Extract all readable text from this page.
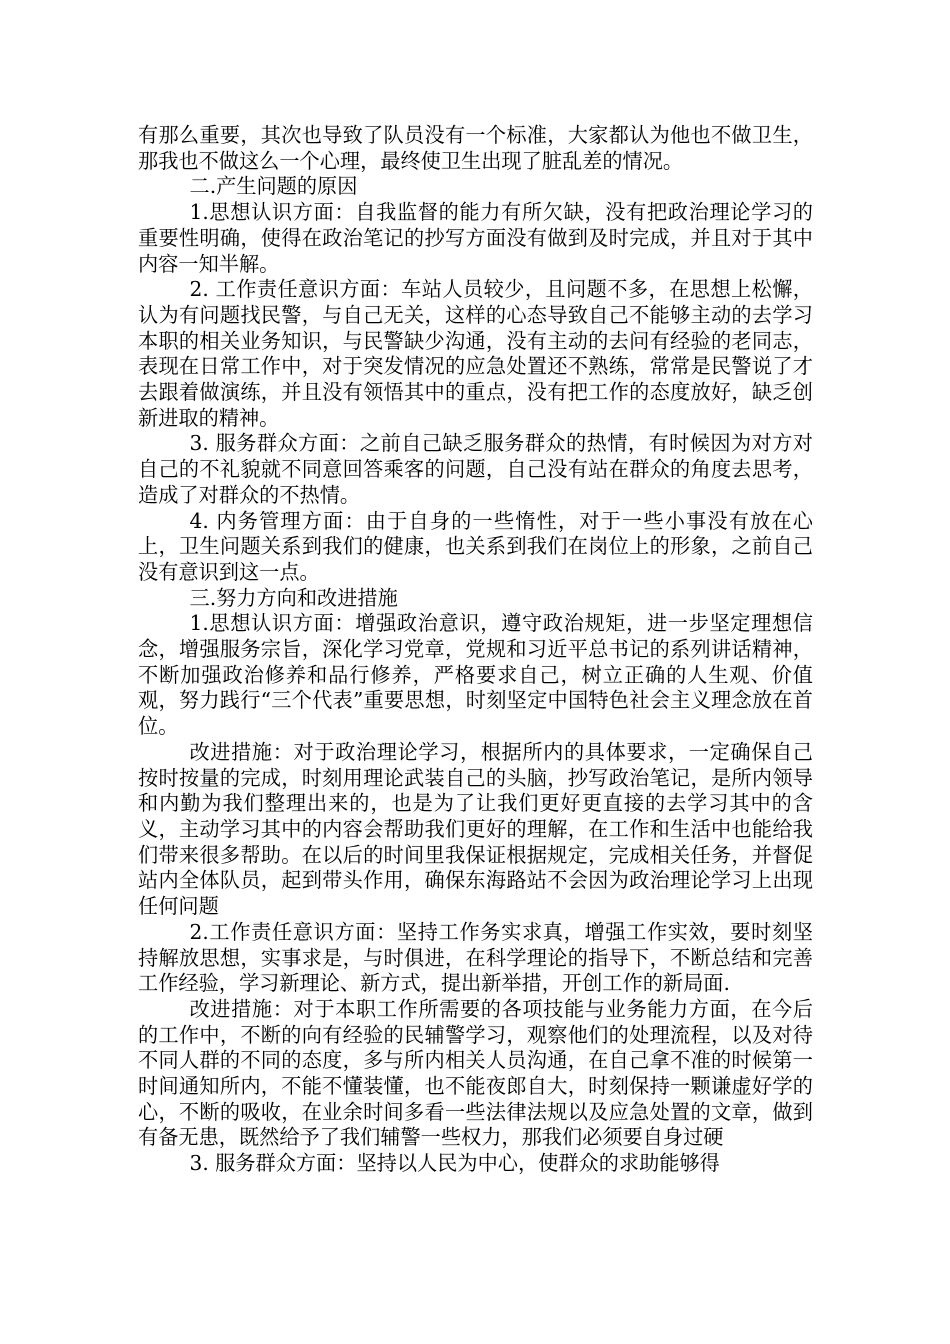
有那么重要，其次也导致了队员没有一个标准，大家都认为他也不做卫生，那我也不做这么一个心理，最终使卫生出现了脏乱差的情况。

二.产生问题的原因

1.思想认识方面：自我监督的能力有所欠缺，没有把政治理论学习的重要性明确，使得在政治笔记的抄写方面没有做到及时完成，并且对于其中内容一知半解。

2. 工作责任意识方面：车站人员较少，且问题不多，在思想上松懈，认为有问题找民警，与自己无关，这样的心态导致自己不能够主动的去学习本职的相关业务知识，与民警缺少沟通，没有主动的去问有经验的老同志，表现在日常工作中，对于突发情况的应急处置还不熟练，常常是民警说了才去跟着做演练，并且没有领悟其中的重点，没有把工作的态度放好，缺乏创新进取的精神。

3. 服务群众方面：之前自己缺乏服务群众的热情，有时候因为对方对自己的不礼貌就不同意回答乘客的问题，自己没有站在群众的角度去思考，造成了对群众的不热情。

4. 内务管理方面：由于自身的一些惰性，对于一些小事没有放在心上，卫生问题关系到我们的健康，也关系到我们在岗位上的形象，之前自己没有意识到这一点。

三.努力方向和改进措施

1.思想认识方面：增强政治意识，遵守政治规矩，进一步坚定理想信念，增强服务宗旨，深化学习党章，党规和习近平总书记的系列讲话精神，不断加强政治修养和品行修养，严格要求自己，树立正确的人生观、价值观，努力践行“三个代表”重要思想，时刻坚定中国特色社会主义理念放在首位。

改进措施：对于政治理论学习，根据所内的具体要求，一定确保自己按时按量的完成，时刻用理论武装自己的头脑，抄写政治笔记，是所内领导和内勤为我们整理出来的，也是为了让我们更好更直接的去学习其中的含义，主动学习其中的内容会帮助我们更好的理解，在工作和生活中也能给我们带来很多帮助。在以后的时间里我保证根据规定，完成相关任务，并督促站内全体队员，起到带头作用，确保东海路站不会因为政治理论学习上出现任何问题

2.工作责任意识方面：坚持工作务实求真，增强工作实效，要时刻坚持解放思想，实事求是，与时俱进，在科学理论的指导下，不断总结和完善工作经验，学习新理论、新方式，提出新举措，开创工作的新局面.

改进措施：对于本职工作所需要的各项技能与业务能力方面，在今后的工作中，不断的向有经验的民辅警学习，观察他们的处理流程，以及对待不同人群的不同的态度，多与所内相关人员沟通，在自己拿不准的时候第一时间通知所内，不能不懂装懂，也不能夜郎自大，时刻保持一颗谦虚好学的心，不断的吸收，在业余时间多看一些法律法规以及应急处置的文章，做到有备无患，既然给予了我们辅警一些权力，那我们必须要自身过硬

3. 服务群众方面：坚持以人民为中心，使群众的求助能够得
